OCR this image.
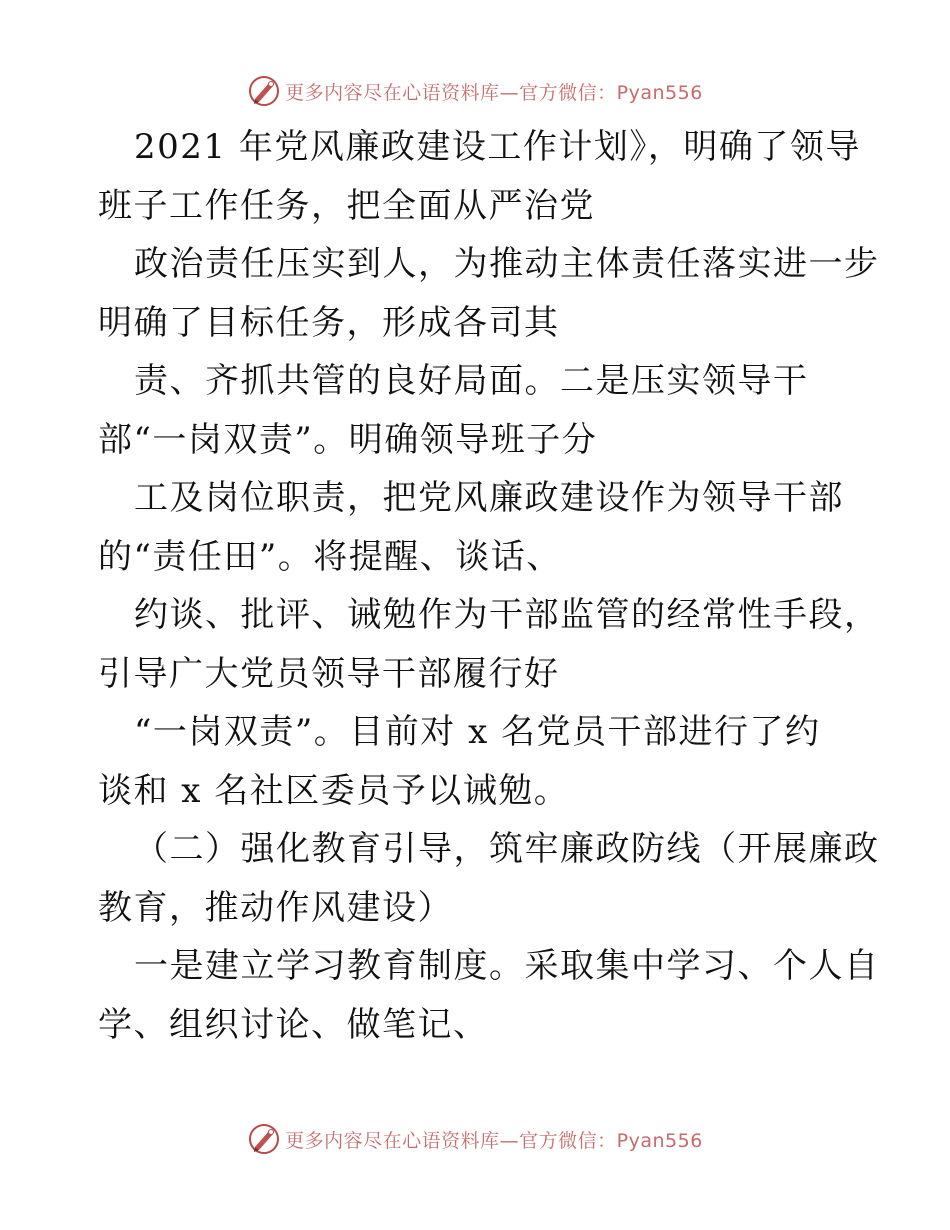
更多内容尽在心语资料库—官方微信：Pyan556
2021 年党风廉政建设工作计划》，明确了领导
班子工作任务，把全面从严治党
政治责任压实到人，为推动主体责任落实进一步
明确了目标任务，形成各司其
责、齐抓共管的良好局面。二是压实领导干
部“一岗双责”。明确领导班子分
工及岗位职责，把党风廉政建设作为领导干部
的“责任田”。将提醒、谈话、
约谈、批评、诫勉作为干部监管的经常性手段，
引导广大党员领导干部履行好
“一岗双责”。目前对 x 名党员干部进行了约
谈和 x 名社区委员予以诫勉。
（二）强化教育引导，筑牢廉政防线（开展廉政
教育，推动作风建设）
一是建立学习教育制度。采取集中学习、个人自
学、组织讨论、做笔记、
更多内容尽在心语资料库—官方微信：Pyan556
